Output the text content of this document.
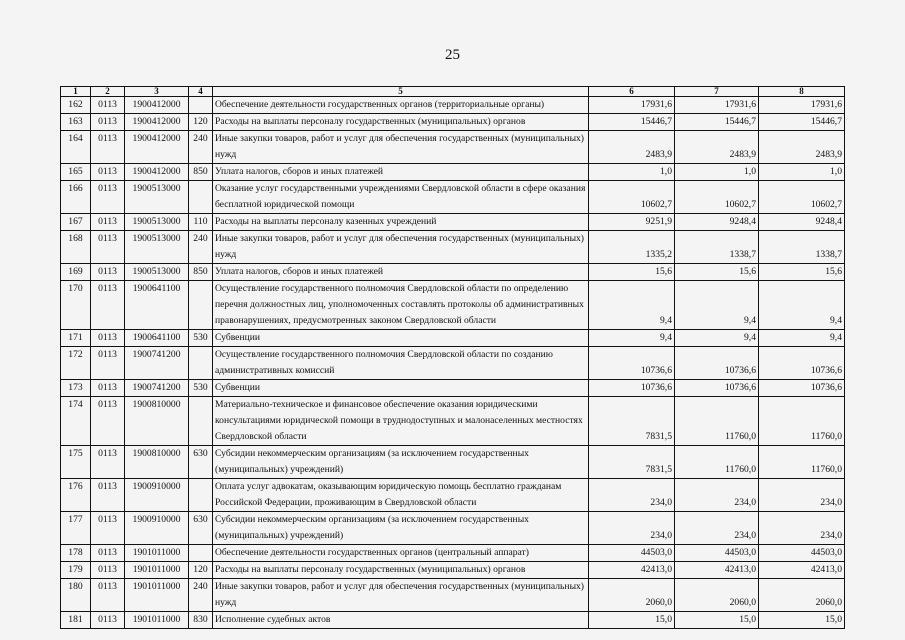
25
1	2	3	4	5	6	7	8
162	0113	1900412000		Обеспечение деятельности государственных органов (территориальные органы)	17931,6	17931,6	17931,6
163	0113	1900412000	120	Расходы на выплаты персоналу государственных (муниципальных) органов	15446,7	15446,7	15446,7
164	0113	1900412000	240	Иные закупки товаров, работ и услуг для обеспечения государственных (муниципальных) нужд	2483,9	2483,9	2483,9
165	0113	1900412000	850	Уплата налогов, сборов и иных платежей	1,0	1,0	1,0
166	0113	1900513000		Оказание услуг государственными учреждениями Свердловской области в сфере оказания бесплатной юридической помощи	10602,7	10602,7	10602,7
167	0113	1900513000	110	Расходы на выплаты персоналу казенных учреждений	9251,9	9248,4	9248,4
168	0113	1900513000	240	Иные закупки товаров, работ и услуг для обеспечения государственных (муниципальных) нужд	1335,2	1338,7	1338,7
169	0113	1900513000	850	Уплата налогов, сборов и иных платежей	15,6	15,6	15,6
170	0113	1900641100		Осуществление государственного полномочия Свердловской области по определению перечня должностных лиц, уполномоченных составлять протоколы об административных правонарушениях, предусмотренных законом Свердловской области	9,4	9,4	9,4
171	0113	1900641100	530	Субвенции	9,4	9,4	9,4
172	0113	1900741200		Осуществление государственного полномочия Свердловской области по созданию административных комиссий	10736,6	10736,6	10736,6
173	0113	1900741200	530	Субвенции	10736,6	10736,6	10736,6
174	0113	1900810000		Материально-техническое и финансовое обеспечение оказания юридическими консультациями юридической помощи в труднодоступных и малонаселенных местностях Свердловской области	7831,5	11760,0	11760,0
175	0113	1900810000	630	Субсидии некоммерческим организациям (за исключением государственных (муниципальных) учреждений)	7831,5	11760,0	11760,0
176	0113	1900910000		Оплата услуг адвокатам, оказывающим юридическую помощь бесплатно гражданам Российской Федерации, проживающим в Свердловской области	234,0	234,0	234,0
177	0113	1900910000	630	Субсидии некоммерческим организациям (за исключением государственных (муниципальных) учреждений)	234,0	234,0	234,0
178	0113	1901011000		Обеспечение деятельности государственных органов (центральный аппарат)	44503,0	44503,0	44503,0
179	0113	1901011000	120	Расходы на выплаты персоналу государственных (муниципальных) органов	42413,0	42413,0	42413,0
180	0113	1901011000	240	Иные закупки товаров, работ и услуг для обеспечения государственных (муниципальных) нужд	2060,0	2060,0	2060,0
181	0113	1901011000	830	Исполнение судебных актов	15,0	15,0	15,0
